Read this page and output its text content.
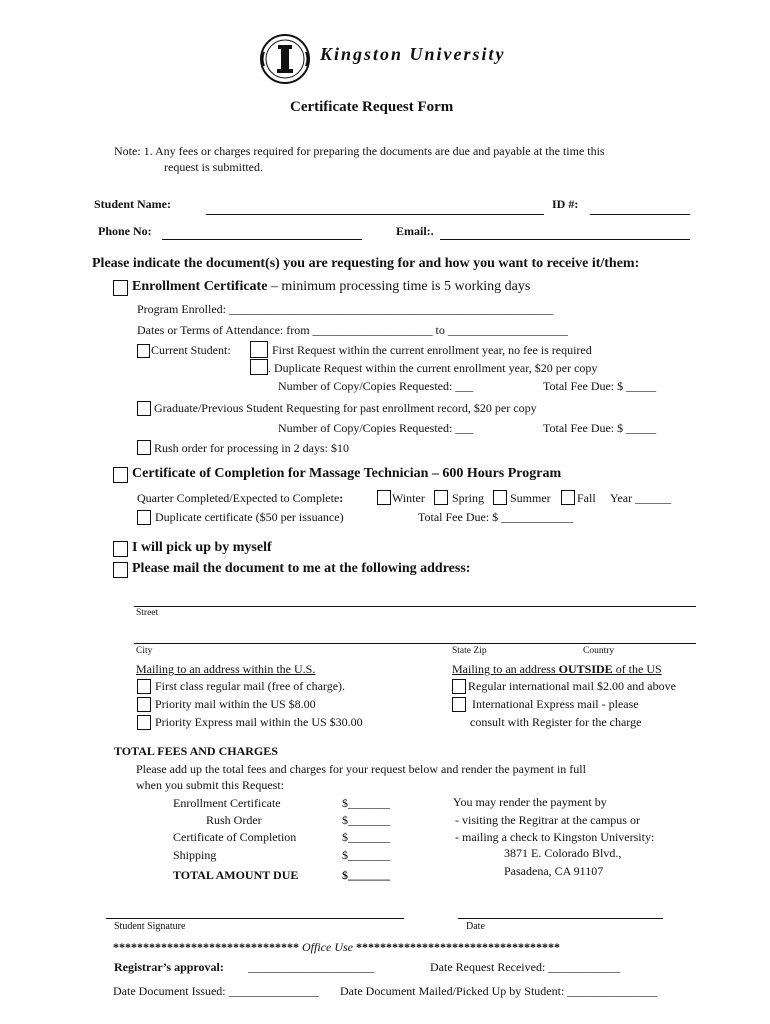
Kingston University
Certificate Request Form
Note: 1. Any fees or charges required for preparing the documents are due and payable at the time this
request is submitted.
Student Name:	ID #:
Phone No:	Email:.
Please indicate the document(s) you are requesting for and how you want to receive it/them:
Enrollment Certificate – minimum processing time is 5 working days
Program Enrolled: ______________________________________________________
Dates or Terms of Attendance: from ____________________ to ____________________
Current Student:	First Request within the current enrollment year, no fee is required
. Duplicate Request within the current enrollment year, $20 per copy
Number of Copy/Copies Requested: ___	Total Fee Due: $ _____
Graduate/Previous Student Requesting for past enrollment record, $20 per copy
Number of Copy/Copies Requested: ___	Total Fee Due: $ _____
Rush order for processing in 2 days: $10
Certificate of Completion for Massage Technician – 600 Hours Program
Quarter Completed/Expected to Complete:	Winter Spring Summer Fall Year ______
Duplicate certificate ($50 per issuance)	Total Fee Due: $ ____________
I will pick up by myself
Please mail the document to me at the following address:
Street
City	State Zip	Country
Mailing to an address within the U.S.
First class regular mail (free of charge).
Priority mail within the US $8.00
Priority Express mail within the US $30.00
Mailing to an address OUTSIDE of the US
Regular international mail $2.00 and above
International Express mail - please
consult with Register for the charge
TOTAL FEES AND CHARGES
Please add up the total fees and charges for your request below and render the payment in full
when you submit this Request:
Enrollment Certificate	$_______
Rush Order	$_______
Certificate of Completion	$_______
Shipping	$_______
TOTAL AMOUNT DUE	$_______
You may render the payment by
- visiting the Regitrar at the campus or
- mailing a check to Kingston University:
3871 E. Colorado Blvd.,
Pasadena, CA 91107
Student Signature	Date
******************************* Office Use **********************************
Registrar’s approval: _____________________	Date Request Received: ____________
Date Document Issued: _______________ Date Document Mailed/Picked Up by Student: _______________
